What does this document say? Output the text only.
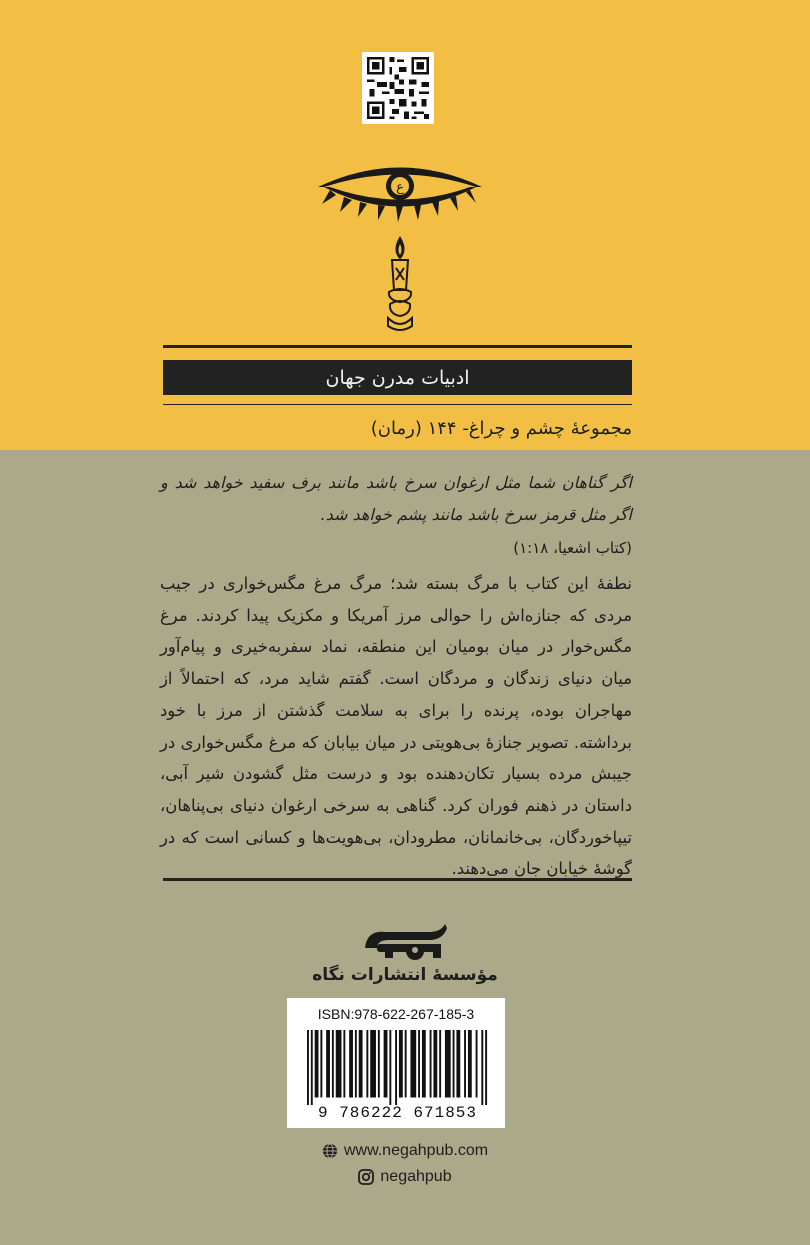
ع
ادبیات مدرن جهان
مجموعهٔ چشم و چراغ- ۱۴۴ (رمان)
اگر گناهان شما مثل ارغوان سرخ باشد مانند برف سفید خواهد شد و اگر مثل قرمز سرخ باشد مانند پشم خواهد شد.
(کتاب اشعیا، ۱:۱۸)

نطفهٔ این کتاب با مرگ بسته شد؛ مرگ مرغ مگس‌خواری در جیب مردی که جنازه‌اش را حوالی مرز آمریکا و مکزیک پیدا کردند. مرغ مگس‌خوار در میان بومیان این منطقه، نماد سفربه‌خیری و پیام‌آور میان دنیای زندگان و مردگان است. گفتم شاید مرد، که احتمالاً از مهاجران بوده، پرنده را برای به سلامت گذشتن از مرز با خود برداشته. تصویر جنازهٔ بی‌هویتی در میان بیابان که مرغ مگس‌خواری در جیبش مرده بسیار تکان‌دهنده بود و درست مثل گشودن شیر آبی، داستان در ذهنم فوران کرد. گناهی به سرخی ارغوان دنیای بی‌پناهان، تیپاخوردگان، بی‌خانمانان، مطرودان، بی‌هویت‌ها و کسانی است که در گوشهٔ خیابان جان می‌دهند.

مؤسسهٔ انتشارات نگاه
ISBN:978-622-267-185-3
9 786222 671853
www.negahpub.com
negahpub
